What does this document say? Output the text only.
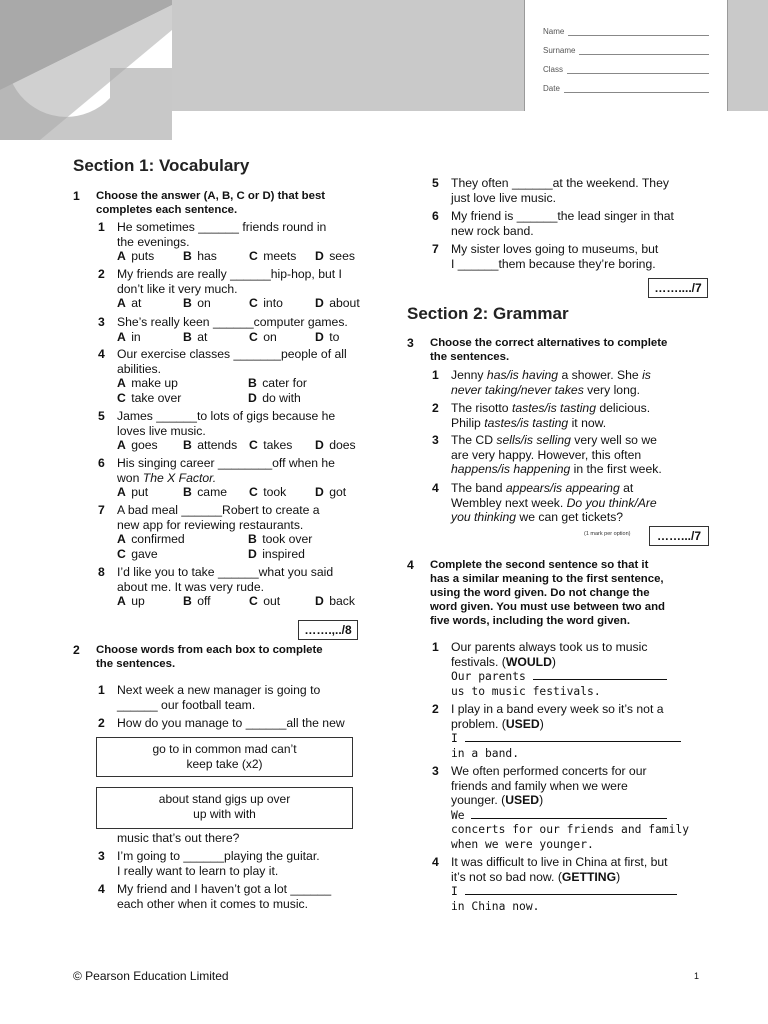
Name
Surname
Class
Date
Section 1: Vocabulary
1 Choose the answer (A, B, C or D) that best
completes each sentence.
1 He sometimes ______ friends round in
the evenings.
A puts B has	C meets D sees
2 My friends are really ______hip-hop, but I
don’t like it very much.
A at	B on	C into	D about
3 She’s really keen ______computer games.
A in	B at	C on	D to
4 Our exercise classes _______people of all
abilities.
A make up	B cater for
C take over	D do with
5 James ______to lots of gigs because he
loves live music.
A goes B attends C takes D does
6 His singing career ________off when he
won The X Factor.
A put	B came C took D got
7 A bad meal ______Robert to create a
new app for reviewing restaurants.
A confirmed	B took over
C gave	D inspired
8 I’d like you to take ______what you said
about me. It was very rude.
A up	B off	C out	D back
…….,../8
2 Choose words from each box to complete
the sentences.
1 Next week a new manager is going to
______ our football team.
2 How do you manage to ______all the new
go to in common mad can’t
keep take (x2)
about stand gigs up over
up with with
music that’s out there?
3 I’m going to ______playing the guitar.
I really want to learn to play it.
4 My friend and I haven’t got a lot ______
each other when it comes to music.
5 They often ______at the weekend. They
just love live music.
6 My friend is ______the lead singer in that
new rock band.
7 My sister loves going to museums, but
I ______them because they’re boring.
……..../7
Section 2: Grammar
3 Choose the correct alternatives to complete
the sentences.
1 Jenny has/is having a shower. She is
never taking/never takes very long.
2 The risotto tastes/is tasting delicious.
Philip tastes/is tasting it now.
3 The CD sells/is selling very well so we
are very happy. However, this often
happens/is happening in the first week.
4 The band appears/is appearing at
Wembley next week. Do you think/Are
you thinking we can get tickets?
(1 mark per option)	…….../7
4 Complete the second sentence so that it
has a similar meaning to the first sentence,
using the word given. Do not change the
word given. You must use between two and
five words, including the word given.
1 Our parents always took us to music
festivals. (WOULD)
Our parents
us to music festivals.
2 I play in a band every week so it’s not a
problem. (USED)
I
in a band.
3 We often performed concerts for our
friends and family when we were
younger. (USED)
We
concerts for our friends and family
when we were younger.
4 It was difficult to live in China at first, but
it’s not so bad now. (GETTING)
I
in China now.
© Pearson Education Limited	1
